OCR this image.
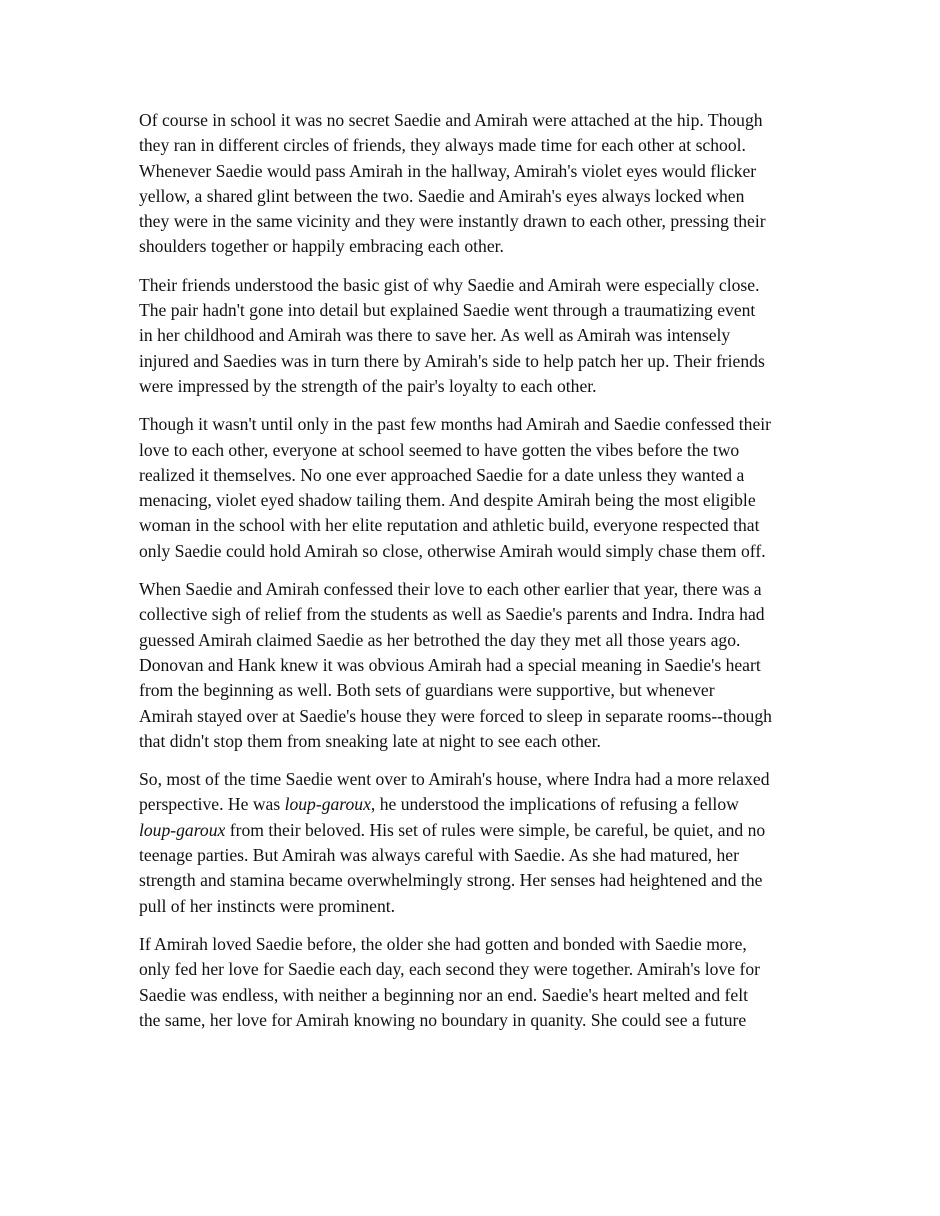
Of course in school it was no secret Saedie and Amirah were attached at the hip. Though
they ran in different circles of friends, they always made time for each other at school.
Whenever Saedie would pass Amirah in the hallway, Amirah's violet eyes would flicker
yellow, a shared glint between the two. Saedie and Amirah's eyes always locked when
they were in the same vicinity and they were instantly drawn to each other, pressing their
shoulders together or happily embracing each other.

Their friends understood the basic gist of why Saedie and Amirah were especially close.
The pair hadn't gone into detail but explained Saedie went through a traumatizing event
in her childhood and Amirah was there to save her. As well as Amirah was intensely
injured and Saedies was in turn there by Amirah's side to help patch her up. Their friends
were impressed by the strength of the pair's loyalty to each other.

Though it wasn't until only in the past few months had Amirah and Saedie confessed their
love to each other, everyone at school seemed to have gotten the vibes before the two
realized it themselves. No one ever approached Saedie for a date unless they wanted a
menacing, violet eyed shadow tailing them. And despite Amirah being the most eligible
woman in the school with her elite reputation and athletic build, everyone respected that
only Saedie could hold Amirah so close, otherwise Amirah would simply chase them off.

When Saedie and Amirah confessed their love to each other earlier that year, there was a
collective sigh of relief from the students as well as Saedie's parents and Indra. Indra had
guessed Amirah claimed Saedie as her betrothed the day they met all those years ago.
Donovan and Hank knew it was obvious Amirah had a special meaning in Saedie's heart
from the beginning as well. Both sets of guardians were supportive, but whenever
Amirah stayed over at Saedie's house they were forced to sleep in separate rooms--though
that didn't stop them from sneaking late at night to see each other.

So, most of the time Saedie went over to Amirah's house, where Indra had a more relaxed
perspective. He was loup-garoux, he understood the implications of refusing a fellow
loup-garoux from their beloved. His set of rules were simple, be careful, be quiet, and no
teenage parties. But Amirah was always careful with Saedie. As she had matured, her
strength and stamina became overwhelmingly strong. Her senses had heightened and the
pull of her instincts were prominent.

If Amirah loved Saedie before, the older she had gotten and bonded with Saedie more,
only fed her love for Saedie each day, each second they were together. Amirah's love for
Saedie was endless, with neither a beginning nor an end. Saedie's heart melted and felt
the same, her love for Amirah knowing no boundary in quanity. She could see a future
